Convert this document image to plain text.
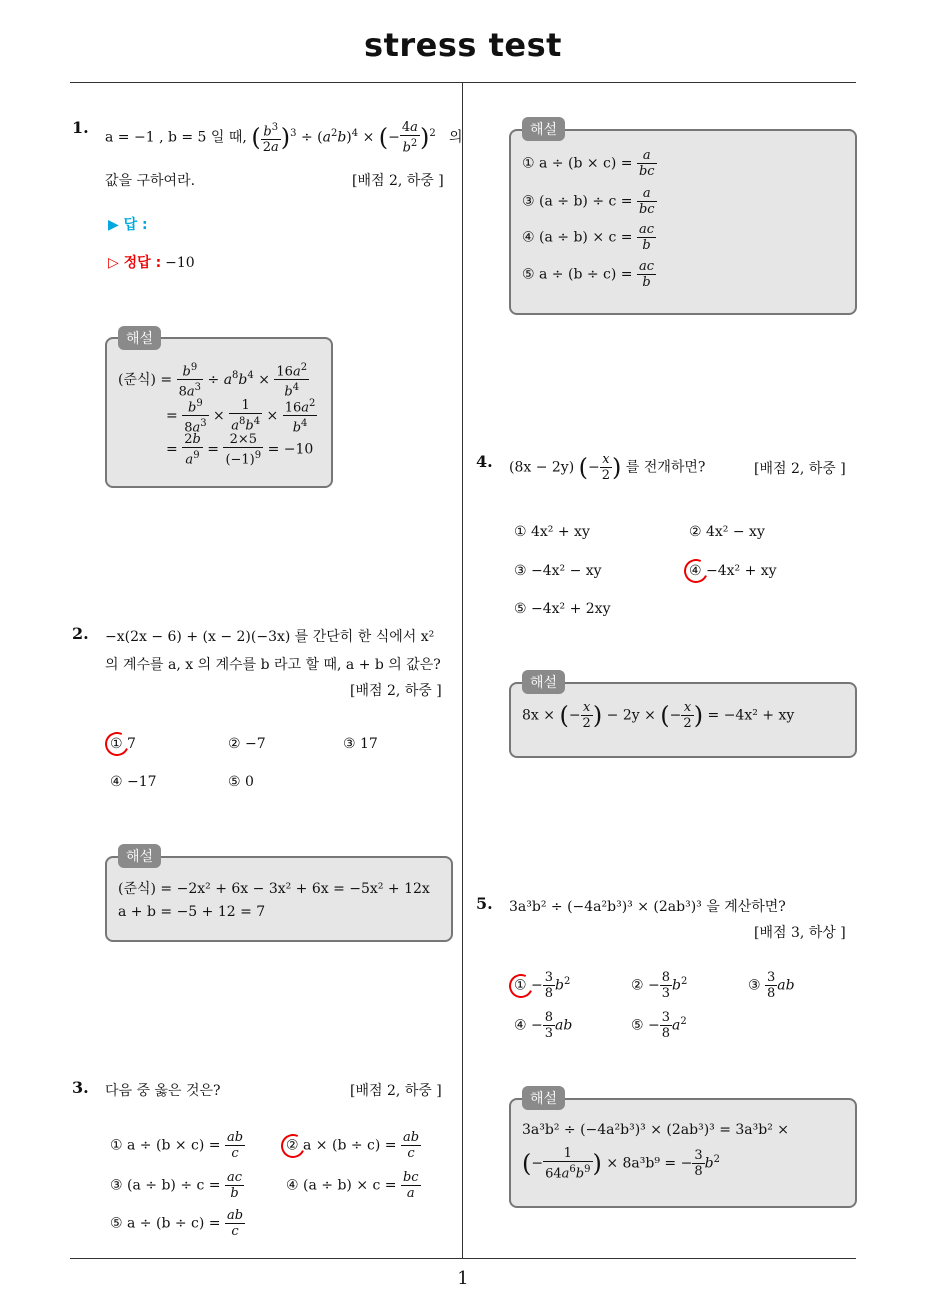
stress test
1
1.
a = −1 , b = 5 일 때, ( $\frac{b^3}{2a} )^3 \div (a^2b)^4$ × (− $\frac{4a}{b^2} )^2$ 의
값을 구하여라.	[배점 2, 하중 ]
▶ 답 :
▷ 정답 : −10
해설
(준식) = $\frac{b^9}{8a^3} \div a^8b^4 \times \frac{16a^2}{b^4}$
= $\frac{b^9}{8a^3} \times \frac{1}{a^8b^4} \times \frac{16a^2}{b^4}$
= $\frac{2b}{a^9} = \frac{2\times 5}{(-1)^9} = -10$
2. −x(2x − 6) + (x − 2)(−3x) 를 간단히 한 식에서 x²
의 계수를 a, x 의 계수를 b 라고 할 때, a + b 의 값은?
[배점 2, 하중 ]
① 7	② −7	③ 17
④ −17	⑤ 0
해설
(준식) = −2x² + 6x − 3x² + 6x = −5x² + 12x
a + b = −5 + 12 = 7
3. 다음 중 옳은 것은?	[배점 2, 하중 ]
① $a \div (b \times c) = \frac{ab}{c}$	② $a \times (b \div c) = \frac{ab}{c}$
③ $(a \div b) \div c = \frac{ac}{b}$	④ $(a \div b) \times c = \frac{bc}{a}$
⑤ $a \div (b \div c) = \frac{ab}{c}$
해설
① $a \div (b \times c) = \frac{a}{bc}$
③ $(a \div b) \div c = \frac{a}{bc}$
④ $(a \div b) \times c = \frac{ac}{b}$
⑤ $a \div (b \div c) = \frac{ac}{b}$
4. (8x − 2y) (− $\frac{x}{2}$ ) 를 전개하면?	[배점 2, 하중 ]
① 4x² + xy	② 4x² − xy
③ −4x² − xy	④ −4x² + xy
⑤ −4x² + 2xy
해설
8x × (− $\frac{x}{2}$ ) − 2y × (− $\frac{x}{2}$ ) = −4x² + xy
5. 3a³b² ÷ (−4a²b³)³ × (2ab³)³ 을 계산하면?
[배점 3, 하상 ]
① − $\frac{3}{8} b^2$	② − $\frac{8}{3} b^2$	③ $\frac{3}{8}$ ab
④ − $\frac{8}{3}$ ab	⑤ − $\frac{3}{8} a^2$
해설
3a³b² ÷ (−4a²b³)³ × (2ab³)³ = 3a³b² ×
(− $\frac{1}{64a^6b^9}$ ) × 8a³b⁹ = − $\frac{3}{8} b^2$
